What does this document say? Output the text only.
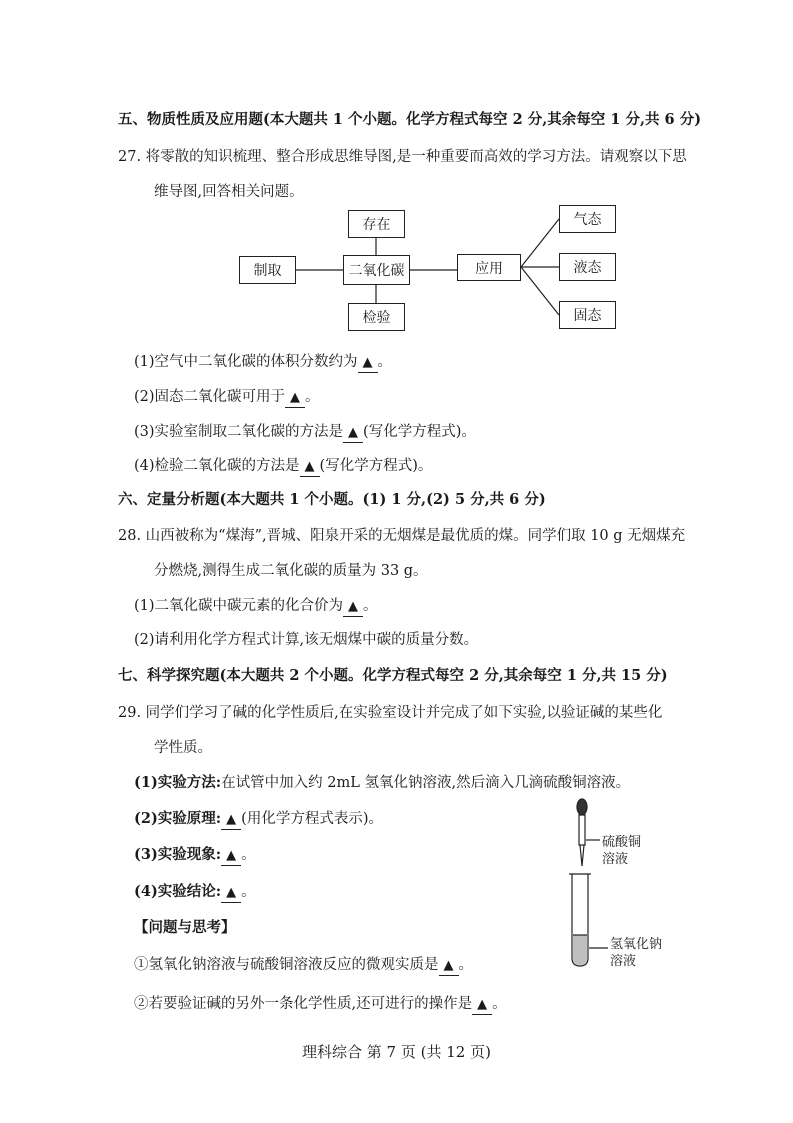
五、物质性质及应用题(本大题共 1 个小题。化学方程式每空 2 分,其余每空 1 分,共 6 分)
27. 将零散的知识梳理、整合形成思维导图,是一种重要而高效的学习方法。请观察以下思
维导图,回答相关问题。
存在
制取	二氧化碳
检验
应用
气态
液态
固态
(1)空气中二氧化碳的体积分数约为 ▲ 。
(2)固态二氧化碳可用于 ▲ 。
(3)实验室制取二氧化碳的方法是 ▲ (写化学方程式)。
(4)检验二氧化碳的方法是 ▲ (写化学方程式)。
六、定量分析题(本大题共 1 个小题。(1) 1 分,(2) 5 分,共 6 分)
28. 山西被称为“煤海”,晋城、阳泉开采的无烟煤是最优质的煤。同学们取 10 g 无烟煤充
分燃烧,测得生成二氧化碳的质量为 33 g。
(1)二氧化碳中碳元素的化合价为 ▲ 。
(2)请利用化学方程式计算,该无烟煤中碳的质量分数。
七、科学探究题(本大题共 2 个小题。化学方程式每空 2 分,其余每空 1 分,共 15 分)
29. 同学们学习了碱的化学性质后,在实验室设计并完成了如下实验,以验证碱的某些化
学性质。
(1)实验方法:在试管中加入约 2mL 氢氧化钠溶液,然后滴入几滴硫酸铜溶液。
(2)实验原理: ▲ (用化学方程式表示)。
(3)实验现象: ▲ 。
(4)实验结论: ▲ 。
【问题与思考】
①氢氧化钠溶液与硫酸铜溶液反应的微观实质是 ▲ 。
②若要验证碱的另外一条化学性质,还可进行的操作是 ▲ 。
硫酸铜
溶液
氢氧化钠
溶液
理科综合 第 7 页 (共 12 页)
